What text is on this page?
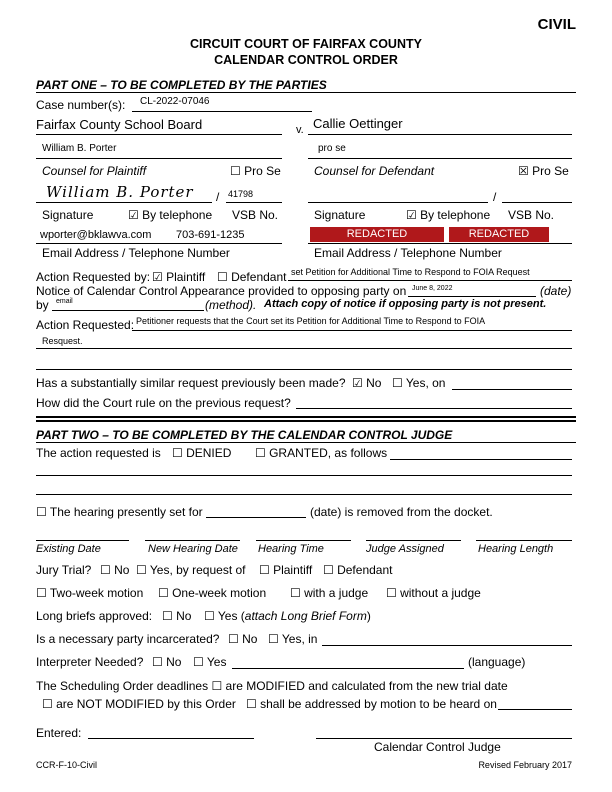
CIVIL
CIRCUIT COURT OF FAIRFAX COUNTY
CALENDAR CONTROL ORDER
PART ONE – TO BE COMPLETED BY THE PARTIES
Case number(s): CL-2022-07046
Fairfax County School Board	v. Callie Oettinger
William B. Porter	pro se
Counsel for Plaintiff	☐ Pro Se	Counsel for Defendant	☒ Pro Se
William B. Porter / 41798	/
Signature	☑ By telephone VSB No.	Signature	☑ By telephone VSB No.
wporter@bklawva.com 703-691-1235	REDACTED	REDACTED
Email Address / Telephone Number	Email Address / Telephone Number
Action Requested by: ☑ Plaintiff ☐ Defendant set Petition for Additional Time to Respond to FOIA Request
Notice of Calendar Control Appearance provided to opposing party on June 8, 2022	(date)
by email	(method). Attach copy of notice if opposing party is not present.
Action Requested: Petitioner requests that the Court set its Petition for Additional Time to Respond to FOIA
Resquest.
Has a substantially similar request previously been made? ☑ No ☐ Yes, on
How did the Court rule on the previous request?
PART TWO – TO BE COMPLETED BY THE CALENDAR CONTROL JUDGE
The action requested is ☐ DENIED ☐ GRANTED, as follows
☐ The hearing presently set for	(date) is removed from the docket.
Existing Date	New Hearing Date Hearing Time	Judge Assigned	Hearing Length
Jury Trial? ☐ No ☐ Yes, by request of ☐ Plaintiff ☐ Defendant
☐ Two-week motion ☐ One-week motion ☐ with a judge ☐ without a judge
Long briefs approved: ☐ No ☐ Yes (attach Long Brief Form)
Is a necessary party incarcerated? ☐ No ☐ Yes, in
Interpreter Needed? ☐ No ☐ Yes	(language)
The Scheduling Order deadlines ☐ are MODIFIED and calculated from the new trial date
☐ are NOT MODIFIED by this Order ☐ shall be addressed by motion to be heard on
Entered:
Calendar Control Judge
CCR-F-10-Civil	Revised February 2017
